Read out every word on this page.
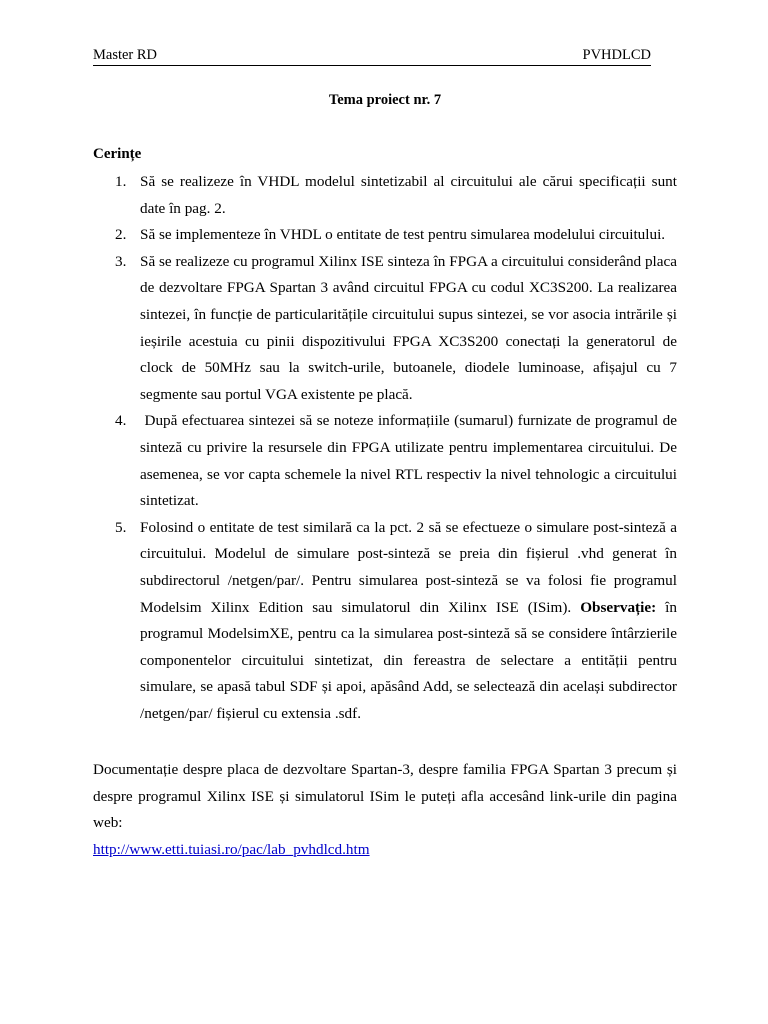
Master RD	PVHDLCD
Tema proiect nr. 7
Cerințe
1. Să se realizeze în VHDL modelul sintetizabil al circuitului ale cărui specificații sunt date în pag. 2.
2. Să se implementeze în VHDL o entitate de test pentru simularea modelului circuitului.
3. Să se realizeze cu programul Xilinx ISE sinteza în FPGA a circuitului considerând placa de dezvoltare FPGA Spartan 3 având circuitul FPGA cu codul XC3S200. La realizarea sintezei, în funcție de particularitățile circuitului supus sintezei, se vor asocia intrările și ieșirile acestuia cu pinii dispozitivului FPGA XC3S200 conectați la generatorul de clock de 50MHz sau la switch-urile, butoanele, diodele luminoase, afișajul cu 7 segmente sau portul VGA existente pe placă.
4. După efectuarea sintezei să se noteze informațiile (sumarul) furnizate de programul de sinteză cu privire la resursele din FPGA utilizate pentru implementarea circuitului. De asemenea, se vor capta schemele la nivel RTL respectiv la nivel tehnologic a circuitului sintetizat.
5. Folosind o entitate de test similară ca la pct. 2 să se efectueze o simulare post-sinteză a circuitului. Modelul de simulare post-sinteză se preia din fișierul .vhd generat în subdirectorul /netgen/par/. Pentru simularea post-sinteză se va folosi fie programul Modelsim Xilinx Edition sau simulatorul din Xilinx ISE (ISim). Observație: în programul ModelsimXE, pentru ca la simularea post-sinteză să se considere întârzierile componentelor circuitului sintetizat, din fereastra de selectare a entității pentru simulare, se apasă tabul SDF și apoi, apăsând Add, se selectează din același subdirector /netgen/par/ fișierul cu extensia .sdf.
Documentație despre placa de dezvoltare Spartan-3, despre familia FPGA Spartan 3 precum și despre programul Xilinx ISE și simulatorul ISim le puteți afla accesând link-urile din pagina web:
http://www.etti.tuiasi.ro/pac/lab_pvhdlcd.htm
